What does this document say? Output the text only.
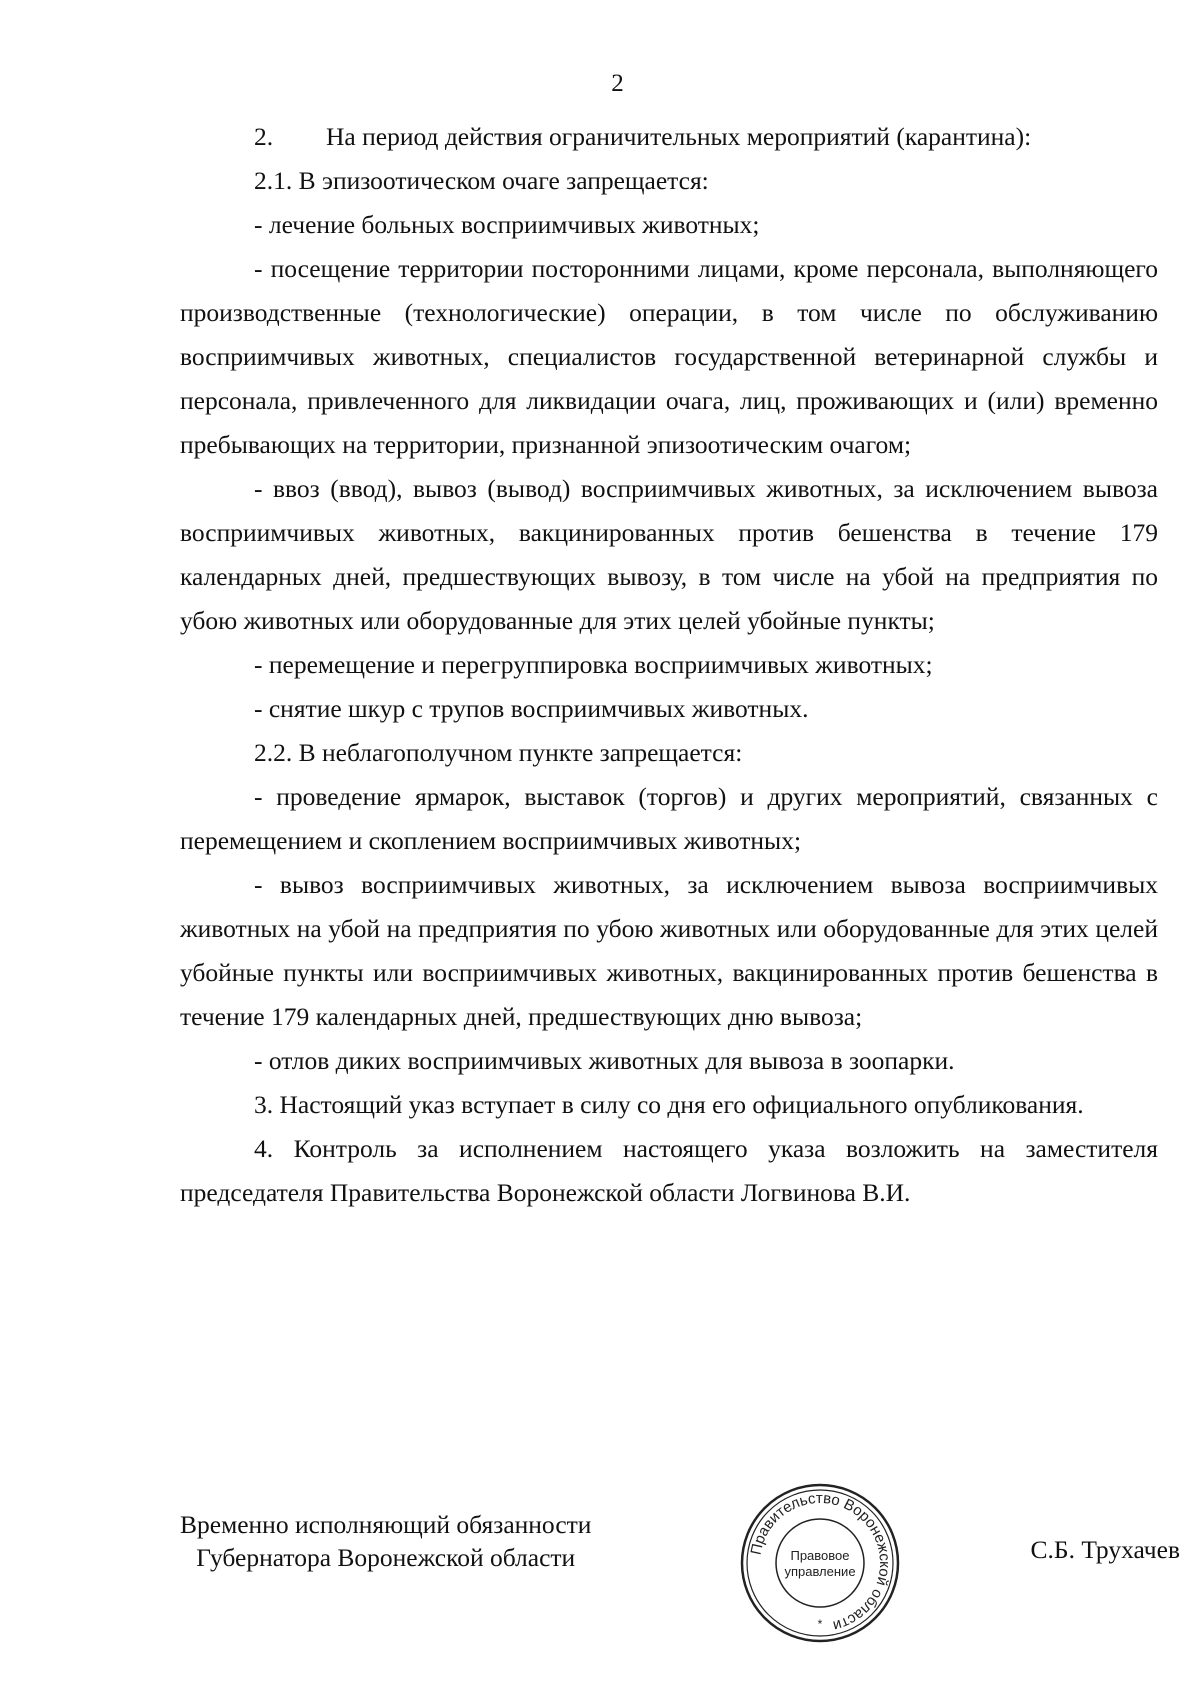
2

2. На период действия ограничительных мероприятий (карантина):

2.1. В эпизоотическом очаге запрещается:

- лечение больных восприимчивых животных;

- посещение территории посторонними лицами, кроме персонала, выполняющего производственные (технологические) операции, в том числе по обслуживанию восприимчивых животных, специалистов государственной ветеринарной службы и персонала, привлеченного для ликвидации очага, лиц, проживающих и (или) временно пребывающих на территории, признанной эпизоотическим очагом;

- ввоз (ввод), вывоз (вывод) восприимчивых животных, за исключением вывоза восприимчивых животных, вакцинированных против бешенства в течение 179 календарных дней, предшествующих вывозу, в том числе на убой на предприятия по убою животных или оборудованные для этих целей убойные пункты;

- перемещение и перегруппировка восприимчивых животных;

- снятие шкур с трупов восприимчивых животных.

2.2. В неблагополучном пункте запрещается:

- проведение ярмарок, выставок (торгов) и других мероприятий, связанных с перемещением и скоплением восприимчивых животных;

- вывоз восприимчивых животных, за исключением вывоза восприимчивых животных на убой на предприятия по убою животных или оборудованные для этих целей убойные пункты или восприимчивых животных, вакцинированных против бешенства в течение 179 календарных дней, предшествующих дню вывоза;

- отлов диких восприимчивых животных для вывоза в зоопарки.

3. Настоящий указ вступает в силу со дня его официального опубликования.

4. Контроль за исполнением настоящего указа возложить на заместителя председателя Правительства Воронежской области Логвинова В.И.

Временно исполняющий обязанности
Губернатора Воронежской области	Правительство Воронежской области
Правовое
управление
*
С.Б. Трухачев
